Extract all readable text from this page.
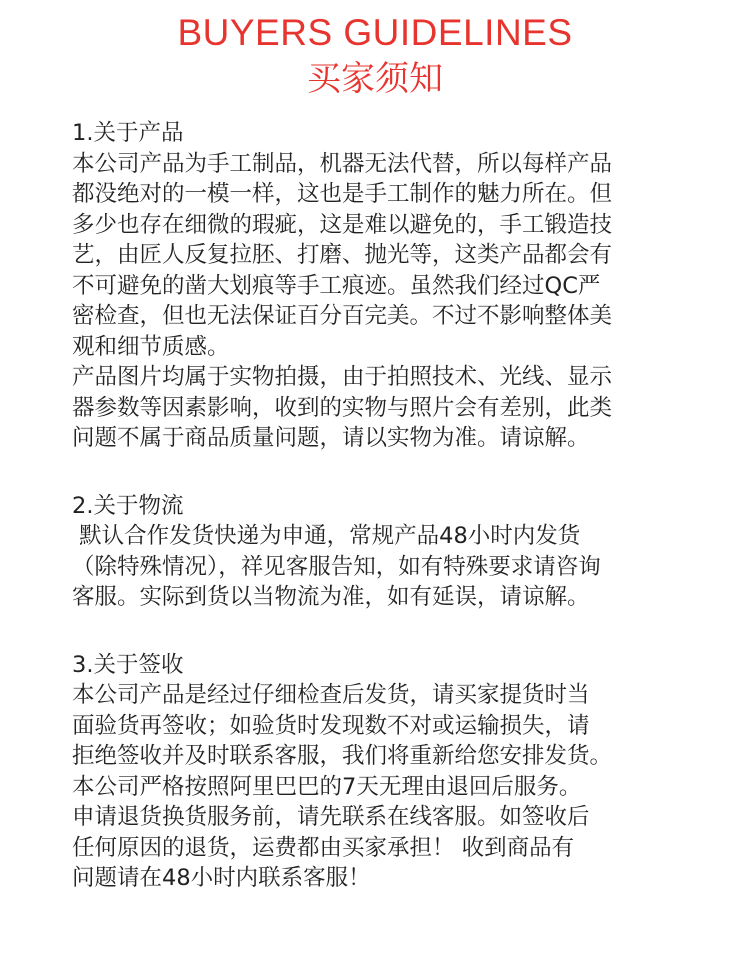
BUYERS GUIDELINES
买家须知
1.关于产品
本公司产品为手工制品，机器无法代替，所以每样产品
都没绝对的一模一样，这也是手工制作的魅力所在。但
多少也存在细微的瑕疵，这是难以避免的，手工锻造技
艺，由匠人反复拉胚、打磨、抛光等，这类产品都会有
不可避免的凿大划痕等手工痕迹。虽然我们经过QC严
密检查，但也无法保证百分百完美。不过不影响整体美
观和细节质感。
产品图片均属于实物拍摄，由于拍照技术、光线、显示
器参数等因素影响，收到的实物与照片会有差别，此类
问题不属于商品质量问题，请以实物为准。请谅解。
2.关于物流
默认合作发货快递为申通，常规产品48小时内发货
（除特殊情况），祥见客服告知，如有特殊要求请咨询
客服。实际到货以当物流为准，如有延误，请谅解。
3.关于签收
本公司产品是经过仔细检查后发货，请买家提货时当
面验货再签收；如验货时发现数不对或运输损失，请
拒绝签收并及时联系客服，我们将重新给您安排发货。
本公司严格按照阿里巴巴的7天无理由退回后服务。
申请退货换货服务前，请先联系在线客服。如签收后
任何原因的退货，运费都由买家承担！ 收到商品有
问题请在48小时内联系客服！
